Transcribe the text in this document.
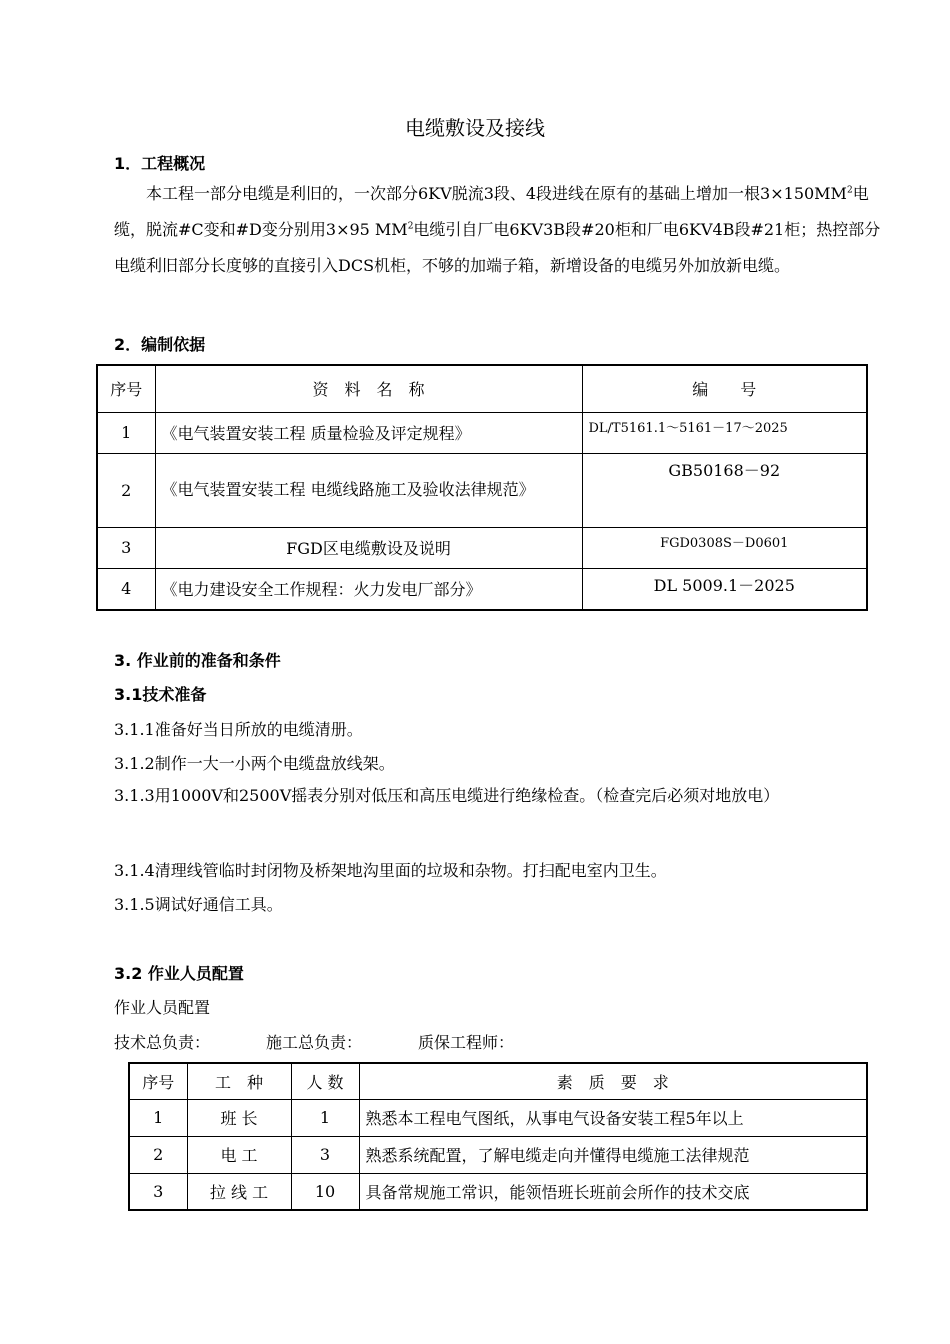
电缆敷设及接线
1．工程概况
本工程一部分电缆是利旧的，一次部分6KV脱流3段、4段进线在原有的基础上增加一根$3\times 150MM^2$电缆，脱流#C变和#D变分别用3×95 $MM^2$电缆引自厂电6KV3B段#20柜和厂电6KV4B段#21柜；热控部分电缆利旧部分长度够的直接引入DCS机柜，不够的加端子箱，新增设备的电缆另外加放新电缆。
2．编制依据
序号	资　料　名　称	编　　号
1	《电气装置安装工程 质量检验及评定规程》	DL/T5161.1～5161－17～2025
2	《电气装置安装工程 电缆线路施工及验收法律规范》	GB50168－92
3	FGD区电缆敷设及说明	FGD0308S－D0601
4	《电力建设安全工作规程：火力发电厂部分》	DL 5009.1－2025
3. 作业前的准备和条件
3.1技术准备
3.1.1准备好当日所放的电缆清册。
3.1.2制作一大一小两个电缆盘放线架。
3.1.3用1000V和2500V摇表分别对低压和高压电缆进行绝缘检查。（检查完后必须对地放电）
3.1.4清理线管临时封闭物及桥架地沟里面的垃圾和杂物。打扫配电室内卫生。
3.1.5调试好通信工具。
3.2 作业人员配置
作业人员配置
技术总负责：	施工总负责：	质保工程师：
序号	工　种	人 数	素　质　要　求
1	班 长	1	熟悉本工程电气图纸，从事电气设备安装工程5年以上
2	电 工	3	熟悉系统配置，了解电缆走向并懂得电缆施工法律规范
3	拉 线 工	10	具备常规施工常识，能领悟班长班前会所作的技术交底
